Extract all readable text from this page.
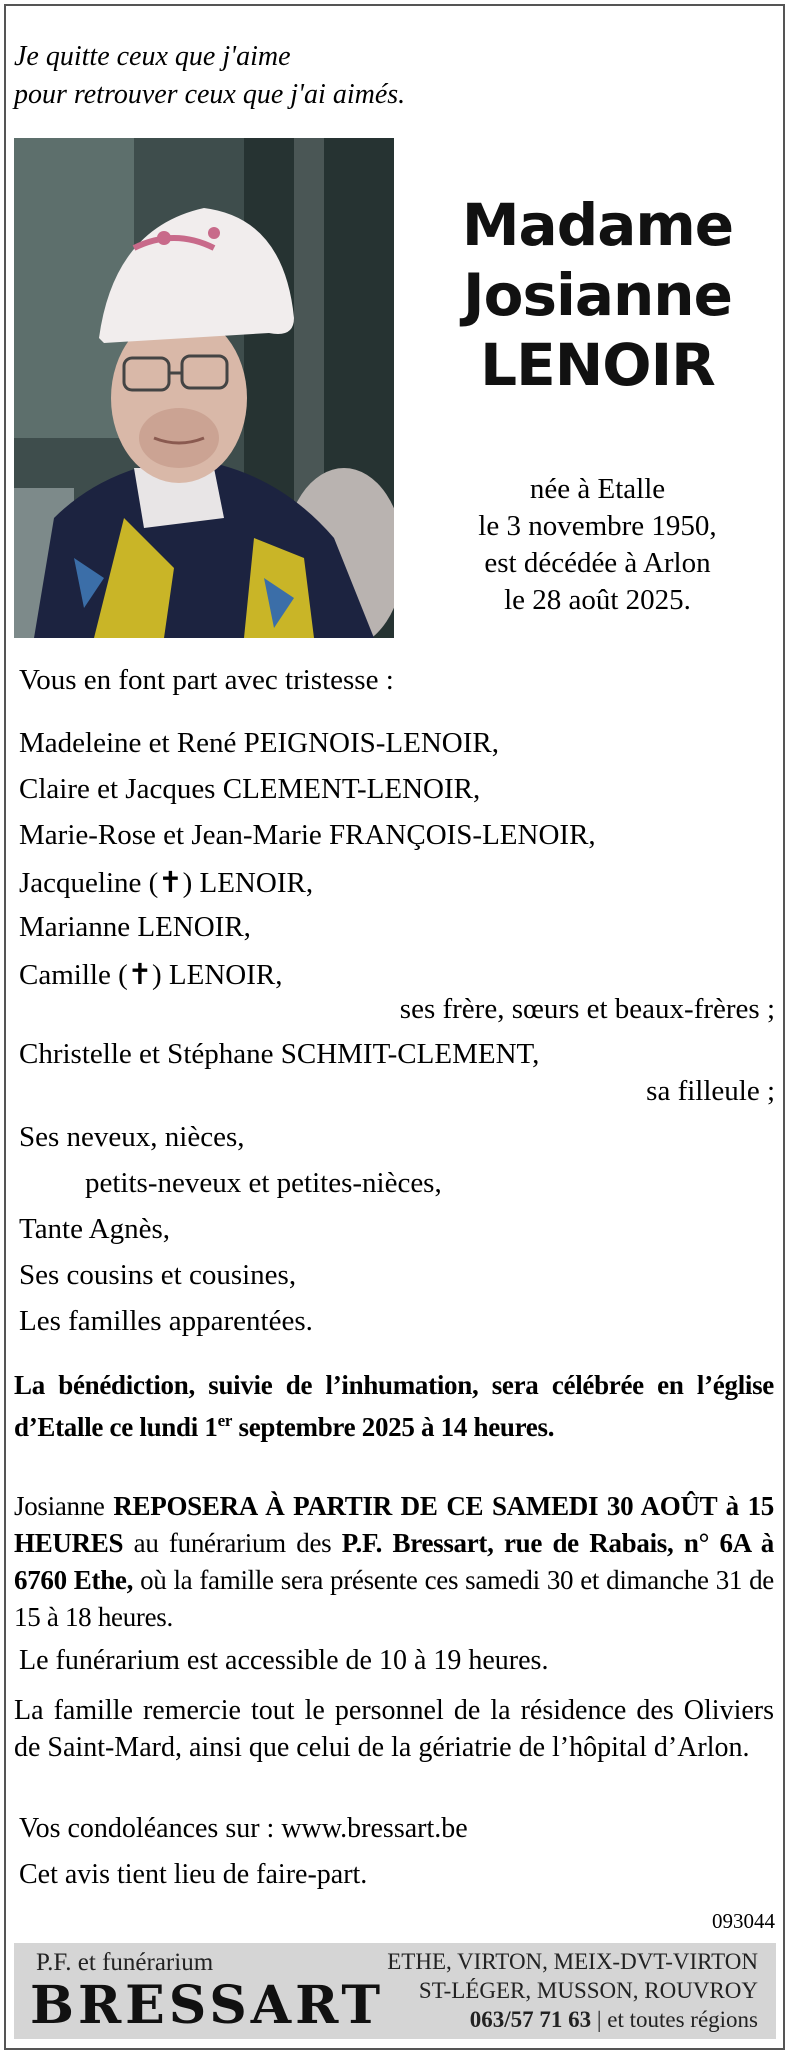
Je quitte ceux que j'aime
pour retrouver ceux que j'ai aimés.
Madame
Josianne
LENOIR
née à Etalle
le 3 novembre 1950,
est décédée à Arlon
le 28 août 2025.
Vous en font part avec tristesse :
Madeleine et René PEIGNOIS-LENOIR,
Claire et Jacques CLEMENT-LENOIR,
Marie-Rose et Jean-Marie FRANÇOIS-LENOIR,
Jacqueline (✝) LENOIR,
Marianne LENOIR,
Camille (✝) LENOIR,
ses frère, sœurs et beaux-frères ;
Christelle et Stéphane SCHMIT-CLEMENT,
sa filleule ;
Ses neveux, nièces,
petits-neveux et petites-nièces,
Tante Agnès,
Ses cousins et cousines,
Les familles apparentées.
La bénédiction, suivie de l’inhumation, sera célébrée en l’église d’Etalle ce lundi 1er septembre 2025 à 14 heures.
Josianne REPOSERA À PARTIR DE CE SAMEDI 30 AOÛT à 15 HEURES au funérarium des P.F. Bressart, rue de Rabais, n° 6A à 6760 Ethe, où la famille sera présente ces samedi 30 et dimanche 31 de 15 à 18 heures.
Le funérarium est accessible de 10 à 19 heures.
La famille remercie tout le personnel de la résidence des Oliviers de Saint-Mard, ainsi que celui de la gériatrie de l’hôpital d’Arlon.
Vos condoléances sur : www.bressart.be
Cet avis tient lieu de faire-part.
093044
P.F. et funérarium
BRESSART
ETHE, VIRTON, MEIX-DVT-VIRTON
ST-LÉGER, MUSSON, ROUVROY
063/57 71 63 | et toutes régions
